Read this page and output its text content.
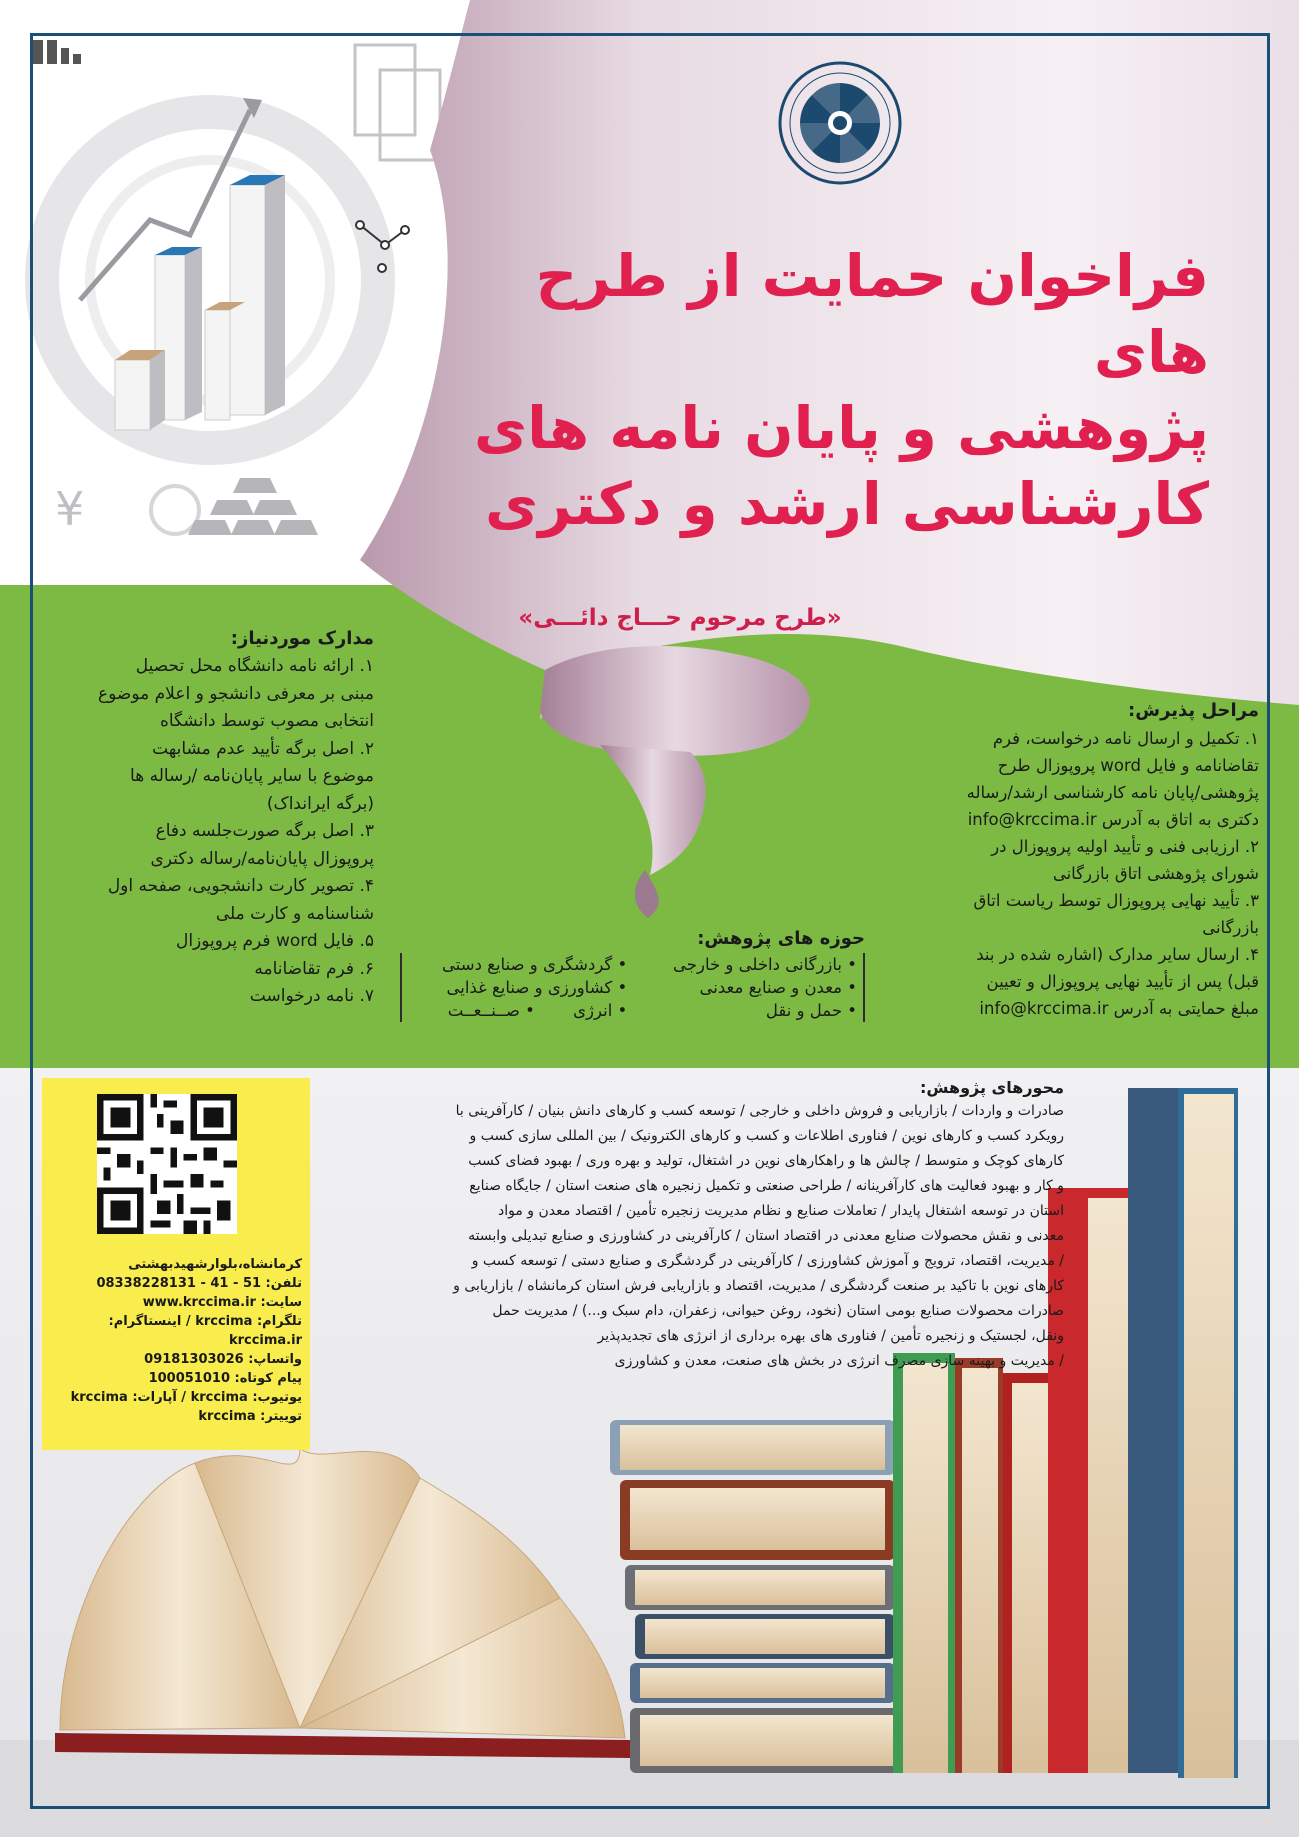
¥
فراخوان حمایت از طرح های
پژوهشی و پایان نامه های
کارشناسی ارشد و دکتری
«طرح مرحوم حـــاج دائـــی»
مدارک موردنیاز:

۱. ارائه نامه دانشگاه محل تحصیل

مبنی بر معرفی دانشجو و اعلام موضوع

انتخابی مصوب توسط دانشگاه

۲. اصل برگه تأیید عدم مشابهت

موضوع با سایر پایان‌نامه /رساله ها

(برگه ایرانداک)

۳. اصل برگه صورت‌جلسه دفاع

پروپوزال پایان‌نامه/رساله دکتری

۴. تصویر کارت دانشجویی، صفحه اول

شناسنامه و کارت ملی

۵. فایل word فرم پروپوزال

۶. فرم تقاضانامه

۷. نامه درخواست

مراحل پذیرش:

۱. تکمیل و ارسال نامه درخواست، فرم

تقاضانامه و فایل word پروپوزال طرح

پژوهشی/پایان نامه کارشناسی ارشد/رساله

دکتری به اتاق به آدرس info@krccima.ir

۲. ارزیابی فنی و تأیید اولیه پروپوزال در

شورای پژوهشی اتاق بازرگانی

۳. تأیید نهایی پروپوزال توسط ریاست اتاق

بازرگانی

۴. ارسال سایر مدارک (اشاره شده در بند

قبل) پس از تأیید نهایی پروپوزال و تعیین

مبلغ حمایتی به آدرس info@krccima.ir

حوزه های پژوهش:
• بازرگانی داخلی و خارجی	• گردشگری و صنایع دستی	
• معدن و صنایع معدنی	• کشاورزی و صنایع غذایی	
• حمل و نقل	• انرژی	• صــنــعــت
محورهای پژوهش:

صادرات و واردات / بازاریابی و فروش داخلی و خارجی / توسعه کسب و کارهای دانش بنیان / کارآفرینی با

رویکرد کسب و کارهای نوین / فناوری اطلاعات و کسب و کارهای الکترونیک / بین المللی سازی کسب و

کارهای کوچک و متوسط / چالش ها و راهکارهای نوین در اشتغال، تولید و بهره وری / بهبود فضای کسب

و کار و بهبود فعالیت های کارآفرینانه / طراحی صنعتی و تکمیل زنجیره های صنعت استان / جایگاه صنایع

استان در توسعه اشتغال پایدار / تعاملات صنایع و نظام مدیریت زنجیره تأمین / اقتصاد معدن و مواد

معدنی و نقش محصولات صنایع معدنی در اقتصاد استان / کارآفرینی در کشاورزی و صنایع تبدیلی وابسته

/ مدیریت، اقتصاد، ترویج و آموزش کشاورزی / کارآفرینی در گردشگری و صنایع دستی / توسعه کسب و

کارهای نوین با تاکید بر صنعت گردشگری / مدیریت، اقتصاد و بازاریابی فرش استان کرمانشاه / بازاریابی و

صادرات محصولات صنایع بومی استان (نخود، روغن حیوانی، زعفران، دام سبک و...) / مدیریت حمل

ونقل، لجستیک و زنجیره تأمین / فناوری های بهره برداری از انرژی های تجدیدپذیر

/ مدیریت و بهینه سازی مصرف انرژی در بخش های صنعت، معدن و کشاورزی

کرمانشاه،بلوارشهیدبهشتی
تلفن: 51 - 41 - 08338228131
سایت: www.krccima.ir
تلگرام: krccima / اینستاگرام: krccima.ir
واتساپ: 09181303026
پیام کوتاه: 100051010
یوتیوب: krccima / آپارات: krccima
توییتر: krccima
